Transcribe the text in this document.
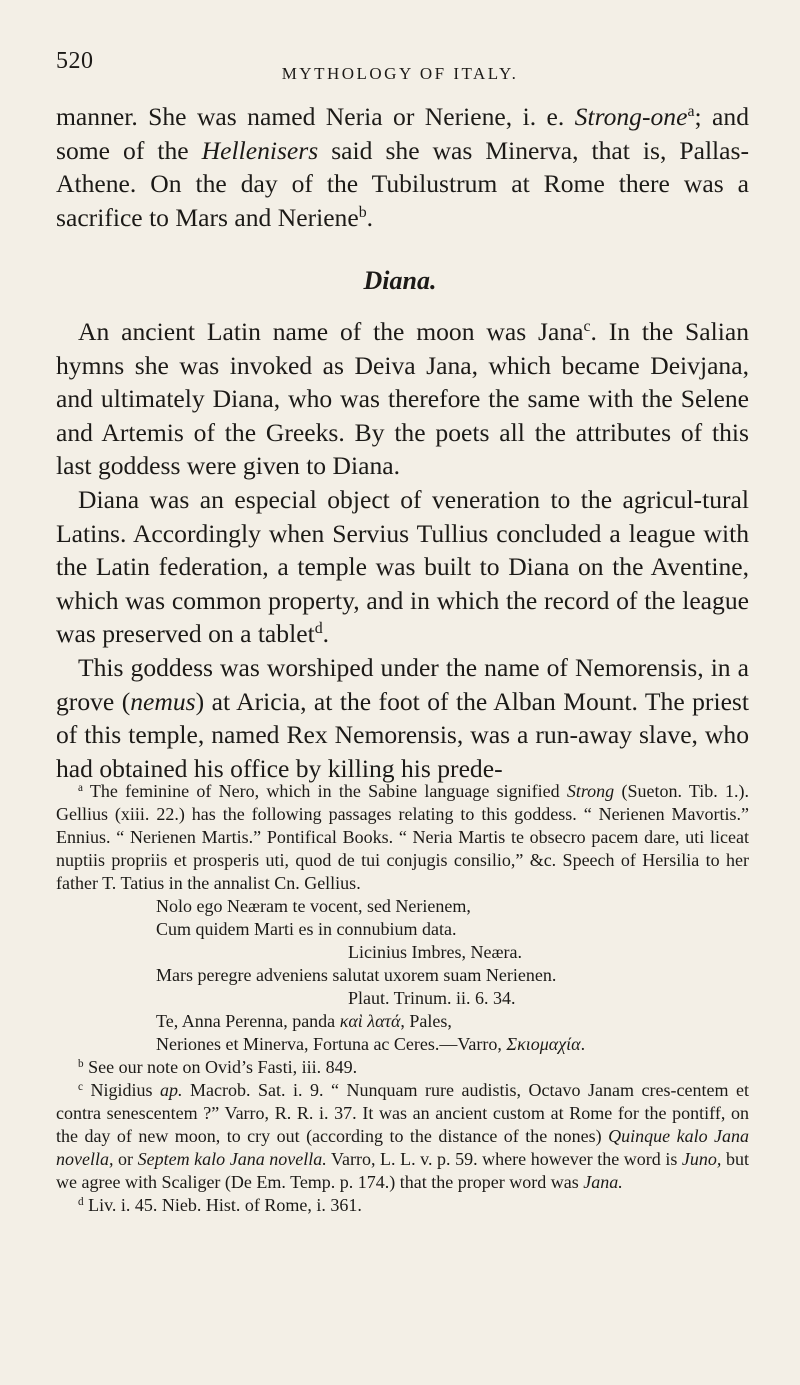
520	MYTHOLOGY OF ITALY.

manner. She was named Neria or Neriene, i. e. Strong-one$^a$; and some of the Hellenisers said she was Minerva, that is, Pallas-Athene. On the day of the Tubilustrum at Rome there was a sacrifice to Mars and Neriene$^b$.

Diana.

An ancient Latin name of the moon was Jana$^c$. In the Salian hymns she was invoked as Deiva Jana, which became Deivjana, and ultimately Diana, who was therefore the same with the Selene and Artemis of the Greeks. By the poets all the attributes of this last goddess were given to Diana.

Diana was an especial object of veneration to the agricul-tural Latins. Accordingly when Servius Tullius concluded a league with the Latin federation, a temple was built to Diana on the Aventine, which was common property, and in which the record of the league was preserved on a tablet$^d$.

This goddess was worshiped under the name of Nemorensis, in a grove (nemus) at Aricia, at the foot of the Alban Mount. The priest of this temple, named Rex Nemorensis, was a run-away slave, who had obtained his office by killing his prede-

$^a$ The feminine of Nero, which in the Sabine language signified Strong (Sueton. Tib. 1.). Gellius (xiii. 22.) has the following passages relating to this goddess. “ Nerienen Mavortis.” Ennius. “ Nerienen Martis.” Pontifical Books. “ Neria Martis te obsecro pacem dare, uti liceat nuptiis propriis et prosperis uti, quod de tui conjugis consilio,” &c. Speech of Hersilia to her father T. Tatius in the annalist Cn. Gellius.

Nolo ego Neæram te vocent, sed Nerienem,

Cum quidem Marti es in connubium data.

Licinius Imbres, Neæra.

Mars peregre adveniens salutat uxorem suam Nerienen.

Plaut. Trinum. ii. 6. 34.

Te, Anna Perenna, panda καὶ λατά, Pales,

Neriones et Minerva, Fortuna ac Ceres.—Varro, Σκιομαχία.

$^b$ See our note on Ovid’s Fasti, iii. 849.

$^c$ Nigidius ap. Macrob. Sat. i. 9. “ Nunquam rure audistis, Octavo Janam cres-centem et contra senescentem ?” Varro, R. R. i. 37. It was an ancient custom at Rome for the pontiff, on the day of new moon, to cry out (according to the distance of the nones) Quinque kalo Jana novella, or Septem kalo Jana novella. Varro, L. L. v. p. 59. where however the word is Juno, but we agree with Scaliger (De Em. Temp. p. 174.) that the proper word was Jana.

$^d$ Liv. i. 45. Nieb. Hist. of Rome, i. 361.
